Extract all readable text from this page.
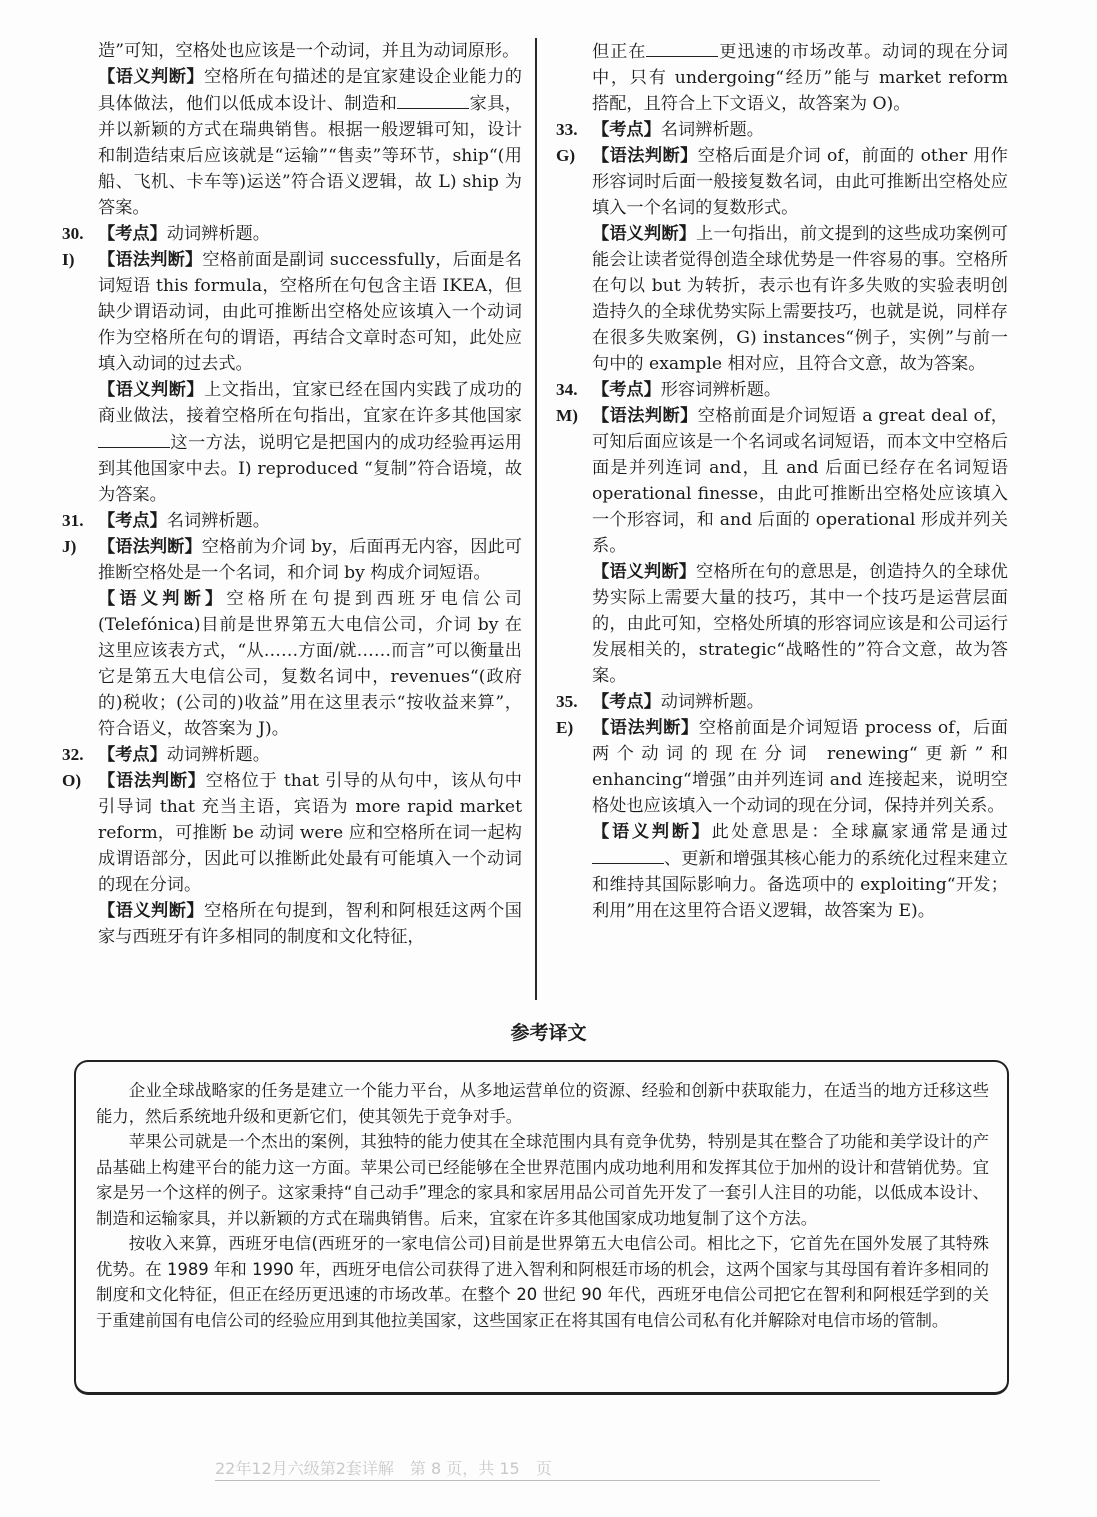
造”可知，空格处也应该是一个动词，并且为动词原形。

【语义判断】空格所在句描述的是宜家建设企业能力的具体做法，他们以低成本设计、制造和	家具，并以新颖的方式在瑞典销售。根据一般逻辑可知，设计和制造结束后应该就是“运输”“售卖”等环节，ship“(用船、飞机、卡车等)运送”符合语义逻辑，故 L) ship 为答案。

30. 【考点】动词辨析题。

I) 【语法判断】空格前面是副词 successfully，后面是名词短语 this formula，空格所在句包含主语 IKEA，但缺少谓语动词，由此可推断出空格处应该填入一个动词作为空格所在句的谓语，再结合文章时态可知，此处应填入动词的过去式。

【语义判断】上文指出，宜家已经在国内实践了成功的商业做法，接着空格所在句指出，宜家在许多其他国家这一方法，说明它是把国内的成功经验再运用到其他国家中去。I) reproduced “复制”符合语境，故为答案。

31. 【考点】名词辨析题。

J) 【语法判断】空格前为介词 by，后面再无内容，因此可推断空格处是一个名词，和介词 by 构成介词短语。

【语义判断】空格所在句提到西班牙电信公司(Telefónica)目前是世界第五大电信公司，介词 by 在这里应该表方式，“从……方面/就……而言”可以衡量出它是第五大电信公司，复数名词中，revenues“(政府的)税收；(公司的)收益”用在这里表示“按收益来算”，符合语义，故答案为 J)。

32. 【考点】动词辨析题。

O) 【语法判断】空格位于 that 引导的从句中，该从句中引导词 that 充当主语，宾语为 more rapid market reform，可推断 be 动词 were 应和空格所在词一起构成谓语部分，因此可以推断此处最有可能填入一个动词的现在分词。

【语义判断】空格所在句提到，智利和阿根廷这两个国家与西班牙有许多相同的制度和文化特征，

但正在	更迅速的市场改革。动词的现在分词中，只有 undergoing“经历”能与 market reform 搭配，且符合上下文语义，故答案为 O)。

33. 【考点】名词辨析题。

G) 【语法判断】空格后面是介词 of，前面的 other 用作形容词时后面一般接复数名词，由此可推断出空格处应填入一个名词的复数形式。

【语义判断】上一句指出，前文提到的这些成功案例可能会让读者觉得创造全球优势是一件容易的事。空格所在句以 but 为转折，表示也有许多失败的实验表明创造持久的全球优势实际上需要技巧，也就是说，同样存在很多失败案例，G) instances“例子，实例”与前一句中的 example 相对应，且符合文意，故为答案。

34. 【考点】形容词辨析题。

M) 【语法判断】空格前面是介词短语 a great deal of，可知后面应该是一个名词或名词短语，而本文中空格后面是并列连词 and，且 and 后面已经存在名词短语 operational finesse，由此可推断出空格处应该填入一个形容词，和 and 后面的 operational 形成并列关系。

【语义判断】空格所在句的意思是，创造持久的全球优势实际上需要大量的技巧，其中一个技巧是运营层面的，由此可知，空格处所填的形容词应该是和公司运行发展相关的，strategic“战略性的”符合文意，故为答案。

35. 【考点】动词辨析题。

E) 【语法判断】空格前面是介词短语 process of，后面两个动词的现在分词 renewing“更新”和 enhancing“增强”由并列连词 and 连接起来，说明空格处也应该填入一个动词的现在分词，保持并列关系。

【语义判断】此处意思是：全球赢家通常是通过、更新和增强其核心能力的系统化过程来建立和维持其国际影响力。备选项中的 exploiting“开发；利用”用在这里符合语义逻辑，故答案为 E)。

参考译文

企业全球战略家的任务是建立一个能力平台，从多地运营单位的资源、经验和创新中获取能力，在适当的地方迁移这些能力，然后系统地升级和更新它们，使其领先于竞争对手。

苹果公司就是一个杰出的案例，其独特的能力使其在全球范围内具有竞争优势，特别是其在整合了功能和美学设计的产品基础上构建平台的能力这一方面。苹果公司已经能够在全世界范围内成功地利用和发挥其位于加州的设计和营销优势。宜家是另一个这样的例子。这家秉持“自己动手”理念的家具和家居用品公司首先开发了一套引人注目的功能，以低成本设计、制造和运输家具，并以新颖的方式在瑞典销售。后来，宜家在许多其他国家成功地复制了这个方法。

按收入来算，西班牙电信(西班牙的一家电信公司)目前是世界第五大电信公司。相比之下，它首先在国外发展了其特殊优势。在 1989 年和 1990 年，西班牙电信公司获得了进入智利和阿根廷市场的机会，这两个国家与其母国有着许多相同的制度和文化特征，但正在经历更迅速的市场改革。在整个 20 世纪 90 年代，西班牙电信公司把它在智利和阿根廷学到的关于重建前国有电信公司的经验应用到其他拉美国家，这些国家正在将其国有电信公司私有化并解除对电信市场的管制。

22年12月六级第2套详解　第 8 页，共 15　页
